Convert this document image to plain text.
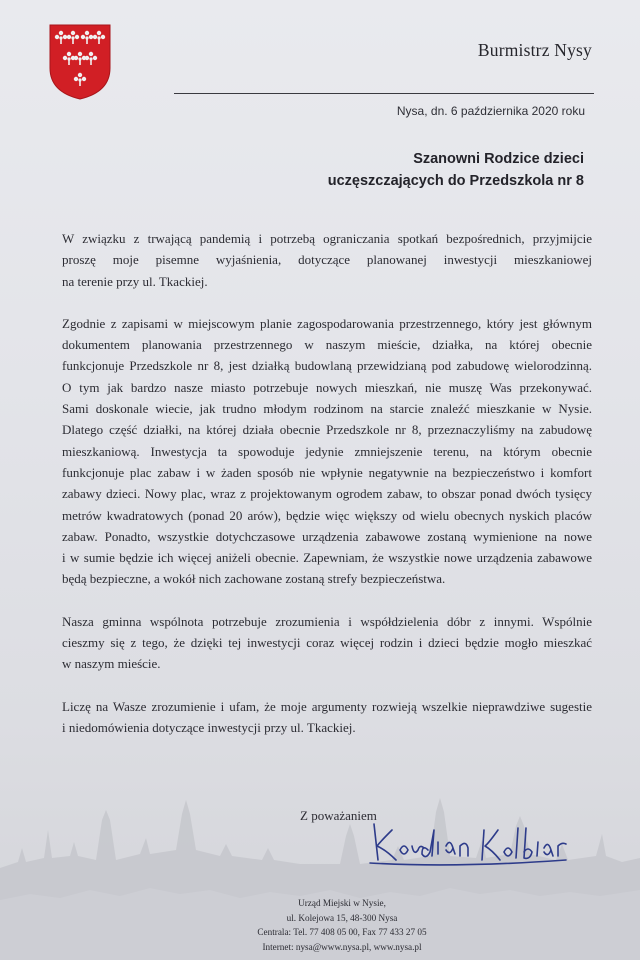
Burmistrz Nysy
Nysa, dn. 6 października 2020 roku
Szanowni Rodzice dzieci
uczęszczających do Przedszkola nr 8
W związku z trwającą pandemią i potrzebą ograniczania spotkań bezpośrednich, przyjmijcie
proszę moje pisemne wyjaśnienia, dotyczące planowanej inwestycji mieszkaniowej
na terenie przy ul. Tkackiej.
Zgodnie z zapisami w miejscowym planie zagospodarowania przestrzennego, który jest głównym
dokumentem planowania przestrzennego w naszym mieście, działka, na której obecnie
funkcjonuje Przedszkole nr 8, jest działką budowlaną przewidzianą pod zabudowę wielorodzinną.
O tym jak bardzo nasze miasto potrzebuje nowych mieszkań, nie muszę Was przekonywać.
Sami doskonale wiecie, jak trudno młodym rodzinom na starcie znaleźć mieszkanie w Nysie.
Dlatego część działki, na której działa obecnie Przedszkole nr 8, przeznaczyliśmy na zabudowę
mieszkaniową. Inwestycja ta spowoduje jedynie zmniejszenie terenu, na którym obecnie
funkcjonuje plac zabaw i w żaden sposób nie wpłynie negatywnie na bezpieczeństwo i komfort
zabawy dzieci. Nowy plac, wraz z projektowanym ogrodem zabaw, to obszar ponad dwóch tysięcy
metrów kwadratowych (ponad 20 arów), będzie więc większy od wielu obecnych nyskich placów
zabaw. Ponadto, wszystkie dotychczasowe urządzenia zabawowe zostaną wymienione na nowe
i w sumie będzie ich więcej aniżeli obecnie. Zapewniam, że wszystkie nowe urządzenia zabawowe
będą bezpieczne, a wokół nich zachowane zostaną strefy bezpieczeństwa.
Nasza gminna wspólnota potrzebuje zrozumienia i współdzielenia dóbr z innymi. Wspólnie
cieszmy się z tego, że dzięki tej inwestycji coraz więcej rodzin i dzieci będzie mogło mieszkać
w naszym mieście.
Liczę na Wasze zrozumienie i ufam, że moje argumenty rozwieją wszelkie nieprawdziwe sugestie
i niedomówienia dotyczące inwestycji przy ul. Tkackiej.
Z poważaniem
Urząd Miejski w Nysie,
ul. Kolejowa 15, 48-300 Nysa
Centrala: Tel. 77 408 05 00, Fax 77 433 27 05
Internet: nysa@www.nysa.pl, www.nysa.pl
